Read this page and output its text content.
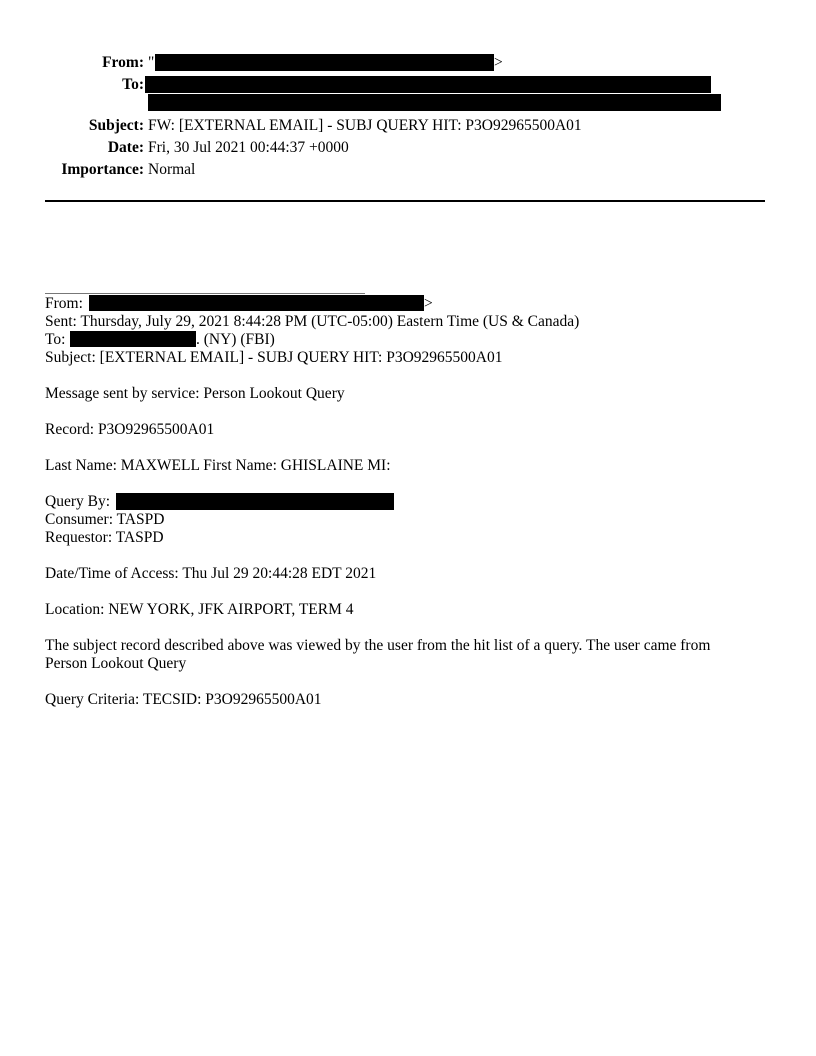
From: "	>
To:
Subject: FW: [EXTERNAL EMAIL] - SUBJ QUERY HIT: P3O92965500A01
Date: Fri, 30 Jul 2021 00:44:37 +0000
Importance: Normal
From:	>
Sent: Thursday, July 29, 2021 8:44:28 PM (UTC-05:00) Eastern Time (US & Canada)
To:	. (NY) (FBI)
Subject: [EXTERNAL EMAIL] - SUBJ QUERY HIT: P3O92965500A01
Message sent by service: Person Lookout Query
Record: P3O92965500A01
Last Name: MAXWELL First Name: GHISLAINE MI:
Query By:
Consumer: TASPD
Requestor: TASPD
Date/Time of Access: Thu Jul 29 20:44:28 EDT 2021
Location: NEW YORK, JFK AIRPORT, TERM 4
The subject record described above was viewed by the user from the hit list of a query. The user came from
Person Lookout Query
Query Criteria: TECSID: P3O92965500A01
